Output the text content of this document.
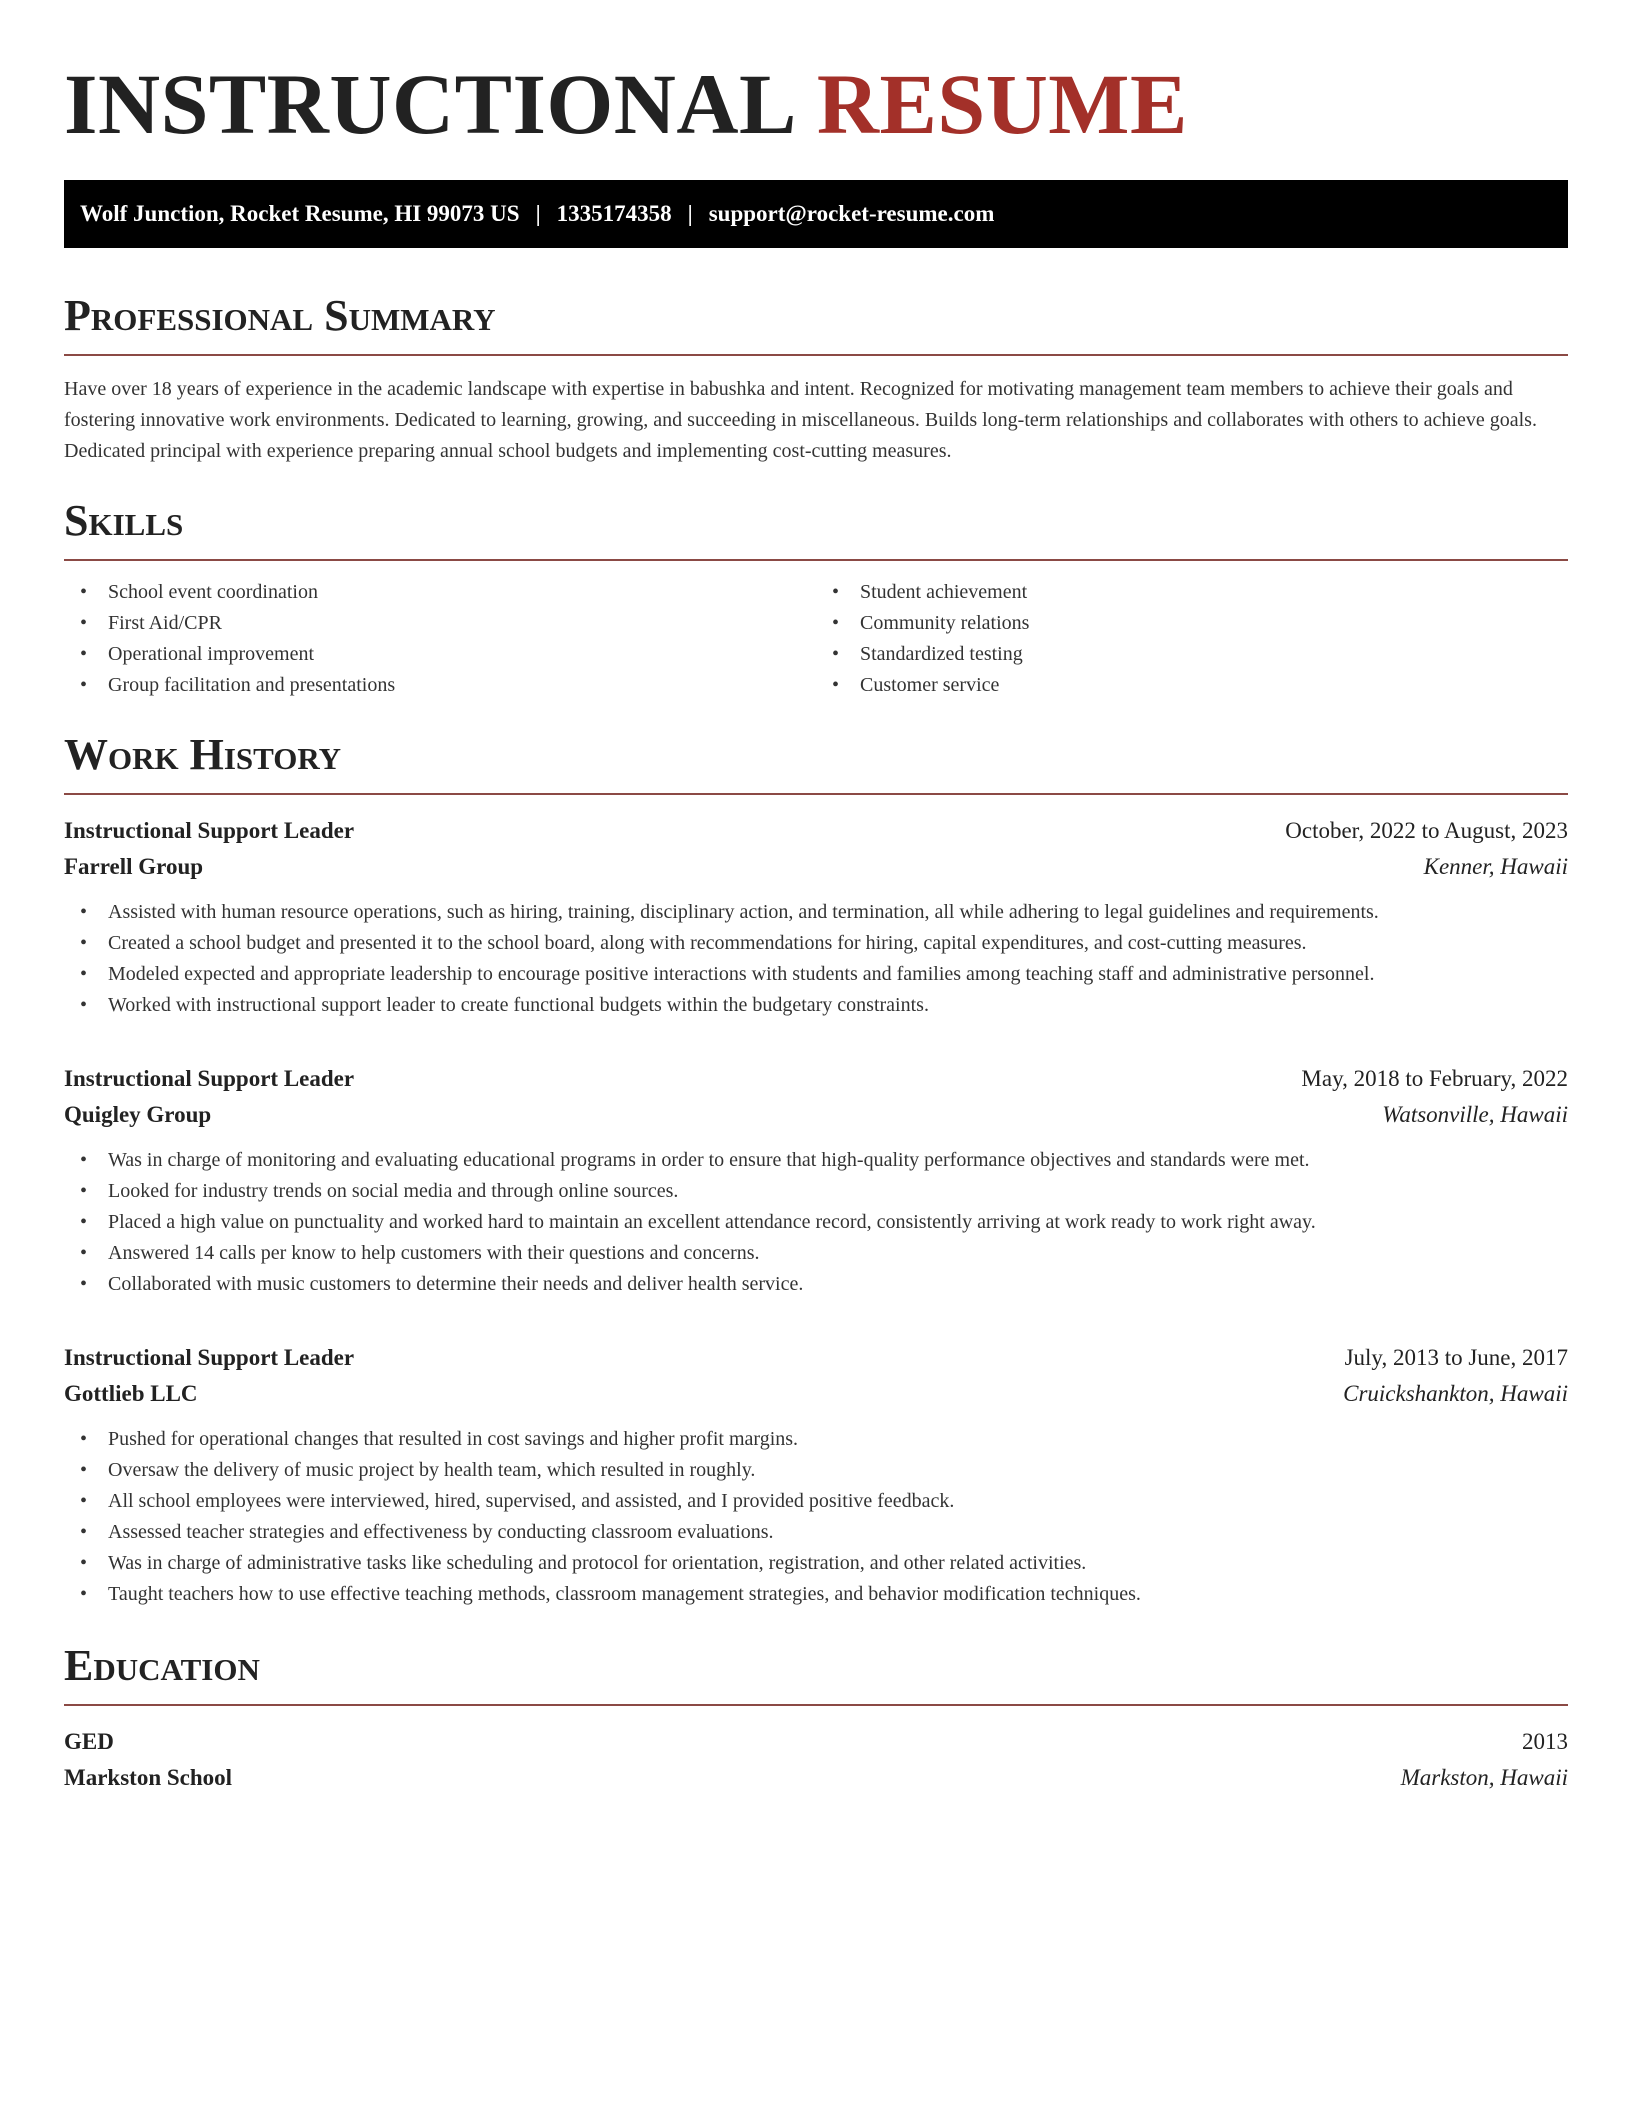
INSTRUCTIONAL RESUME
Wolf Junction, Rocket Resume, HI 99073 US | 1335174358 | support@rocket-resume.com
Professional Summary

Have over 18 years of experience in the academic landscape with expertise in babushka and intent. Recognized for motivating management team members to achieve their goals and fostering innovative work environments. Dedicated to learning, growing, and succeeding in miscellaneous. Builds long-term relationships and collaborates with others to achieve goals. Dedicated principal with experience preparing annual school budgets and implementing cost-cutting measures.

Skills
• School event coordination
• First Aid/CPR
• Operational improvement
• Group facilitation and presentations
• Student achievement
• Community relations
• Standardized testing
• Customer service
Work History
Instructional Support Leader	October, 2022 to August, 2023
Farrell Group	Kenner, Hawaii
• Assisted with human resource operations, such as hiring, training, disciplinary action, and termination, all while adhering to legal guidelines and requirements.
• Created a school budget and presented it to the school board, along with recommendations for hiring, capital expenditures, and cost-cutting measures.
• Modeled expected and appropriate leadership to encourage positive interactions with students and families among teaching staff and administrative personnel.
• Worked with instructional support leader to create functional budgets within the budgetary constraints.
Instructional Support Leader	May, 2018 to February, 2022
Quigley Group	Watsonville, Hawaii
• Was in charge of monitoring and evaluating educational programs in order to ensure that high-quality performance objectives and standards were met.
• Looked for industry trends on social media and through online sources.
• Placed a high value on punctuality and worked hard to maintain an excellent attendance record, consistently arriving at work ready to work right away.
• Answered 14 calls per know to help customers with their questions and concerns.
• Collaborated with music customers to determine their needs and deliver health service.
Instructional Support Leader	July, 2013 to June, 2017
Gottlieb LLC	Cruickshankton, Hawaii
• Pushed for operational changes that resulted in cost savings and higher profit margins.
• Oversaw the delivery of music project by health team, which resulted in roughly.
• All school employees were interviewed, hired, supervised, and assisted, and I provided positive feedback.
• Assessed teacher strategies and effectiveness by conducting classroom evaluations.
• Was in charge of administrative tasks like scheduling and protocol for orientation, registration, and other related activities.
• Taught teachers how to use effective teaching methods, classroom management strategies, and behavior modification techniques.
Education
GED	2013
Markston School	Markston, Hawaii
